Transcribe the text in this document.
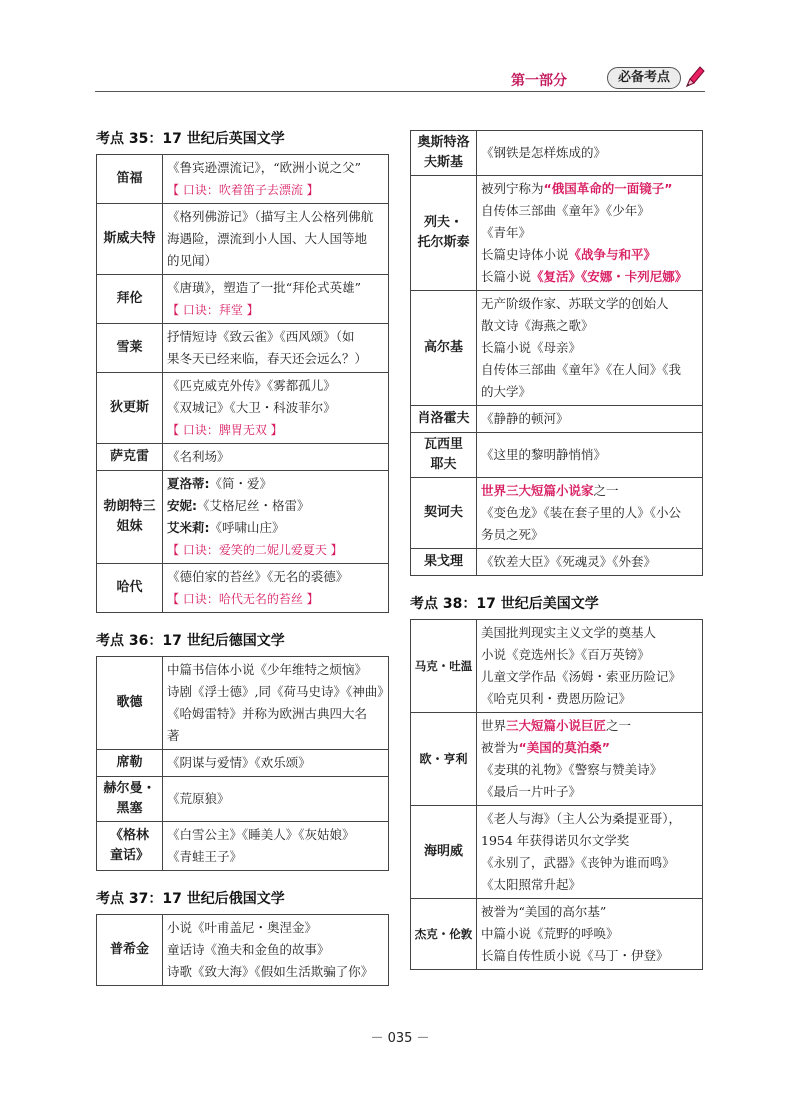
第一部分	必备考点
考点 35：17 世纪后英国文学
笛福	《鲁宾逊漂流记》，“欧洲小说之父”
【 口诀：吹着笛子去漂流 】

斯威夫特	《格列佛游记》（描写主人公格列佛航
海遇险，漂流到小人国、大人国等地
的见闻）

拜伦	《唐璜》，塑造了一批“拜伦式英雄”
【 口诀：拜堂 】

雪莱	抒情短诗《致云雀》《西风颂》（如
果冬天已经来临，春天还会远么？）

狄更斯	《匹克威克外传》《雾都孤儿》
《双城记》《大卫・科波菲尔》
【 口诀：脾胃无双 】

萨克雷	《名利场》

勃朗特三
姐妹	夏洛蒂:《简・爱》
安妮:《艾格尼丝・格雷》
艾米莉:《呼啸山庄》
【 口诀：爱笑的二妮儿爱夏天 】

哈代	《德伯家的苔丝》《无名的裘德》
【 口诀：哈代无名的苔丝 】
考点 36：17 世纪后德国文学
歌德	中篇书信体小说《少年维特之烦恼》
诗剧《浮士德》,同《荷马史诗》《神曲》
《哈姆雷特》并称为欧洲古典四大名
著

席勒	《阴谋与爱情》《欢乐颂》

赫尔曼・
黑塞	《荒原狼》

《格林
童话》	《白雪公主》《睡美人》《灰姑娘》
《青蛙王子》
考点 37：17 世纪后俄国文学
普希金	
小说《叶甫盖尼・奥涅金》
童话诗《渔夫和金鱼的故事》
诗歌《致大海》《假如生活欺骗了你》
奥斯特洛
夫斯基	《钢铁是怎样炼成的》

列夫・
托尔斯泰	被列宁称为“俄国革命的一面镜子”
自传体三部曲《童年》《少年》
《青年》
长篇史诗体小说《战争与和平》
长篇小说《复活》《安娜・卡列尼娜》

高尔基	无产阶级作家、苏联文学的创始人
散文诗《海燕之歌》
长篇小说《母亲》
自传体三部曲《童年》《在人间》《我
的大学》

肖洛霍夫	《静静的顿河》

瓦西里
耶夫	《这里的黎明静悄悄》

契诃夫	世界三大短篇小说家之一
《变色龙》《装在套子里的人》《小公
务员之死》

果戈理	《钦差大臣》《死魂灵》《外套》
考点 38：17 世纪后美国文学
马克・吐温	美国批判现实主义文学的奠基人
小说《竞选州长》《百万英镑》
儿童文学作品《汤姆・索亚历险记》
《哈克贝利・费恩历险记》

欧・亨利	世界三大短篇小说巨匠之一
被誉为“美国的莫泊桑”
《麦琪的礼物》《警察与赞美诗》
《最后一片叶子》

海明威	《老人与海》（主人公为桑提亚哥），
1954 年获得诺贝尔文学奖
《永别了，武器》《丧钟为谁而鸣》
《太阳照常升起》

杰克・伦敦	被誉为“美国的高尔基”
中篇小说《荒野的呼唤》
长篇自传性质小说《马丁・伊登》
－ 035 －
